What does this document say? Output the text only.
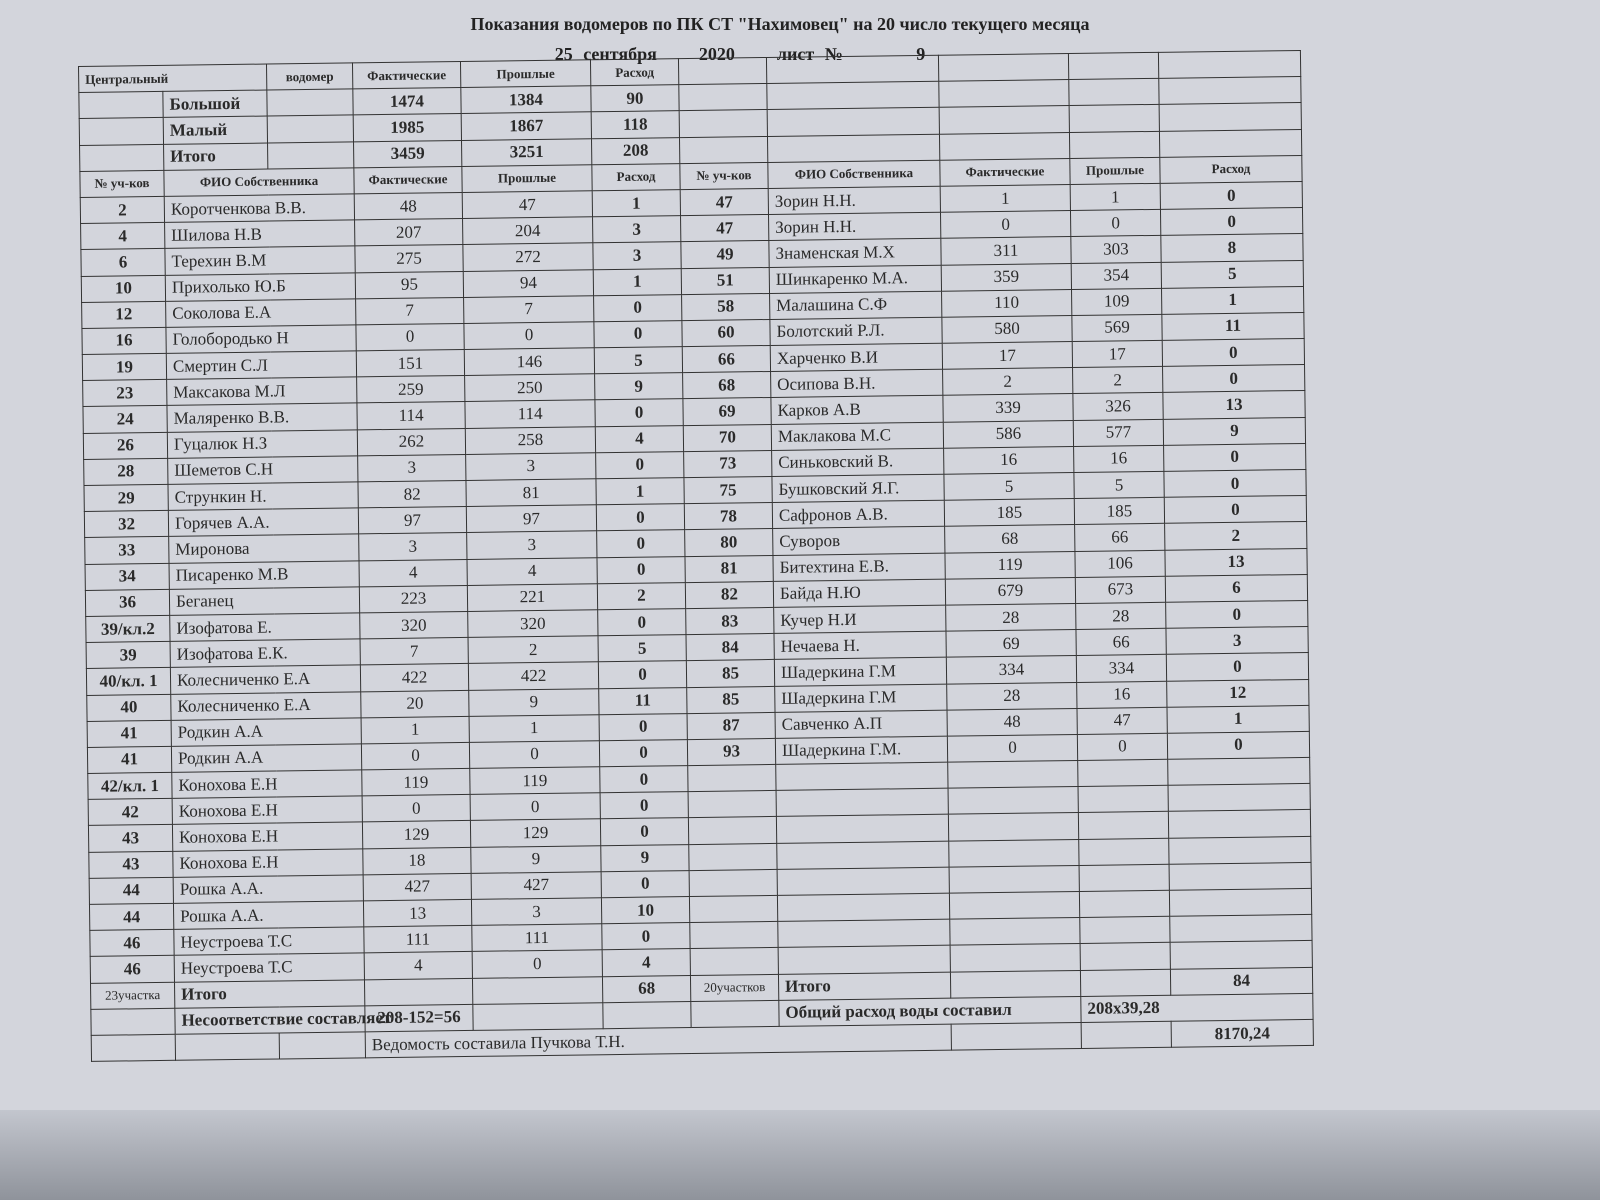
Показания водомеров по ПК СТ "Нахимовец" на 20 число текущего месяца
25 сентября 2020 лист №	9
Центральный		водомер	Фактические	Прошлые	Расход					
	Большой		1474	1384	90					
	Малый		1985	1867	118					
	Итого		3459	3251	208					
№ уч-ков	ФИО Собственника		Фактические	Прошлые	Расход	№ уч-ков	ФИО Собственника	Фактические	Прошлые	Расход
2	Коротченкова В.В.		48	47	1	47	Зорин Н.Н.	1	1	0
4	Шилова Н.В		207	204	3	47	Зорин Н.Н.	0	0	0
6	Терехин В.М		275	272	3	49	Знаменская М.Х	311	303	8
10	Прихолько Ю.Б		95	94	1	51	Шинкаренко М.А.	359	354	5
12	Соколова Е.А		7	7	0	58	Малашина С.Ф	110	109	1
16	Голобородько Н		0	0	0	60	Болотский Р.Л.	580	569	11
19	Смертин С.Л		151	146	5	66	Харченко В.И	17	17	0
23	Максакова М.Л		259	250	9	68	Осипова В.Н.	2	2	0
24	Маляренко В.В.		114	114	0	69	Карков А.В	339	326	13
26	Гуцалюк Н.З		262	258	4	70	Маклакова М.С	586	577	9
28	Шеметов С.Н		3	3	0	73	Синьковский В.	16	16	0
29	Стрункин Н.		82	81	1	75	Бушковский Я.Г.	5	5	0
32	Горячев А.А.		97	97	0	78	Сафронов А.В.	185	185	0
33	Миронова		3	3	0	80	Суворов	68	66	2
34	Писаренко М.В		4	4	0	81	Битехтина Е.В.	119	106	13
36	Беганец		223	221	2	82	Байда Н.Ю	679	673	6
39/кл.2	Изофатова Е.		320	320	0	83	Кучер Н.И	28	28	0
39	Изофатова Е.К.		7	2	5	84	Нечаева Н.	69	66	3
40/кл. 1	Колесниченко Е.А		422	422	0	85	Шадеркина Г.М	334	334	0
40	Колесниченко Е.А		20	9	11	85	Шадеркина Г.М	28	16	12
41	Родкин А.А		1	1	0	87	Савченко А.П	48	47	1
41	Родкин А.А		0	0	0	93	Шадеркина Г.М.	0	0	0
42/кл. 1	Конохова Е.Н		119	119	0					
42	Конохова Е.Н		0	0	0					
43	Конохова Е.Н		129	129	0					
43	Конохова Е.Н		18	9	9					
44	Рошка А.А.		427	427	0					
44	Рошка А.А.		13	3	10					
46	Неустроева Т.С		111	111	0					
46	Неустроева Т.С		4	0	4					
23участка	Итого				68	20участков	Итого			84
	Несоответствие составляет		208-152=56				Общий расход воды составил		208х39,28	
			Ведомость составила Пучкова Т.Н.							8170,24
